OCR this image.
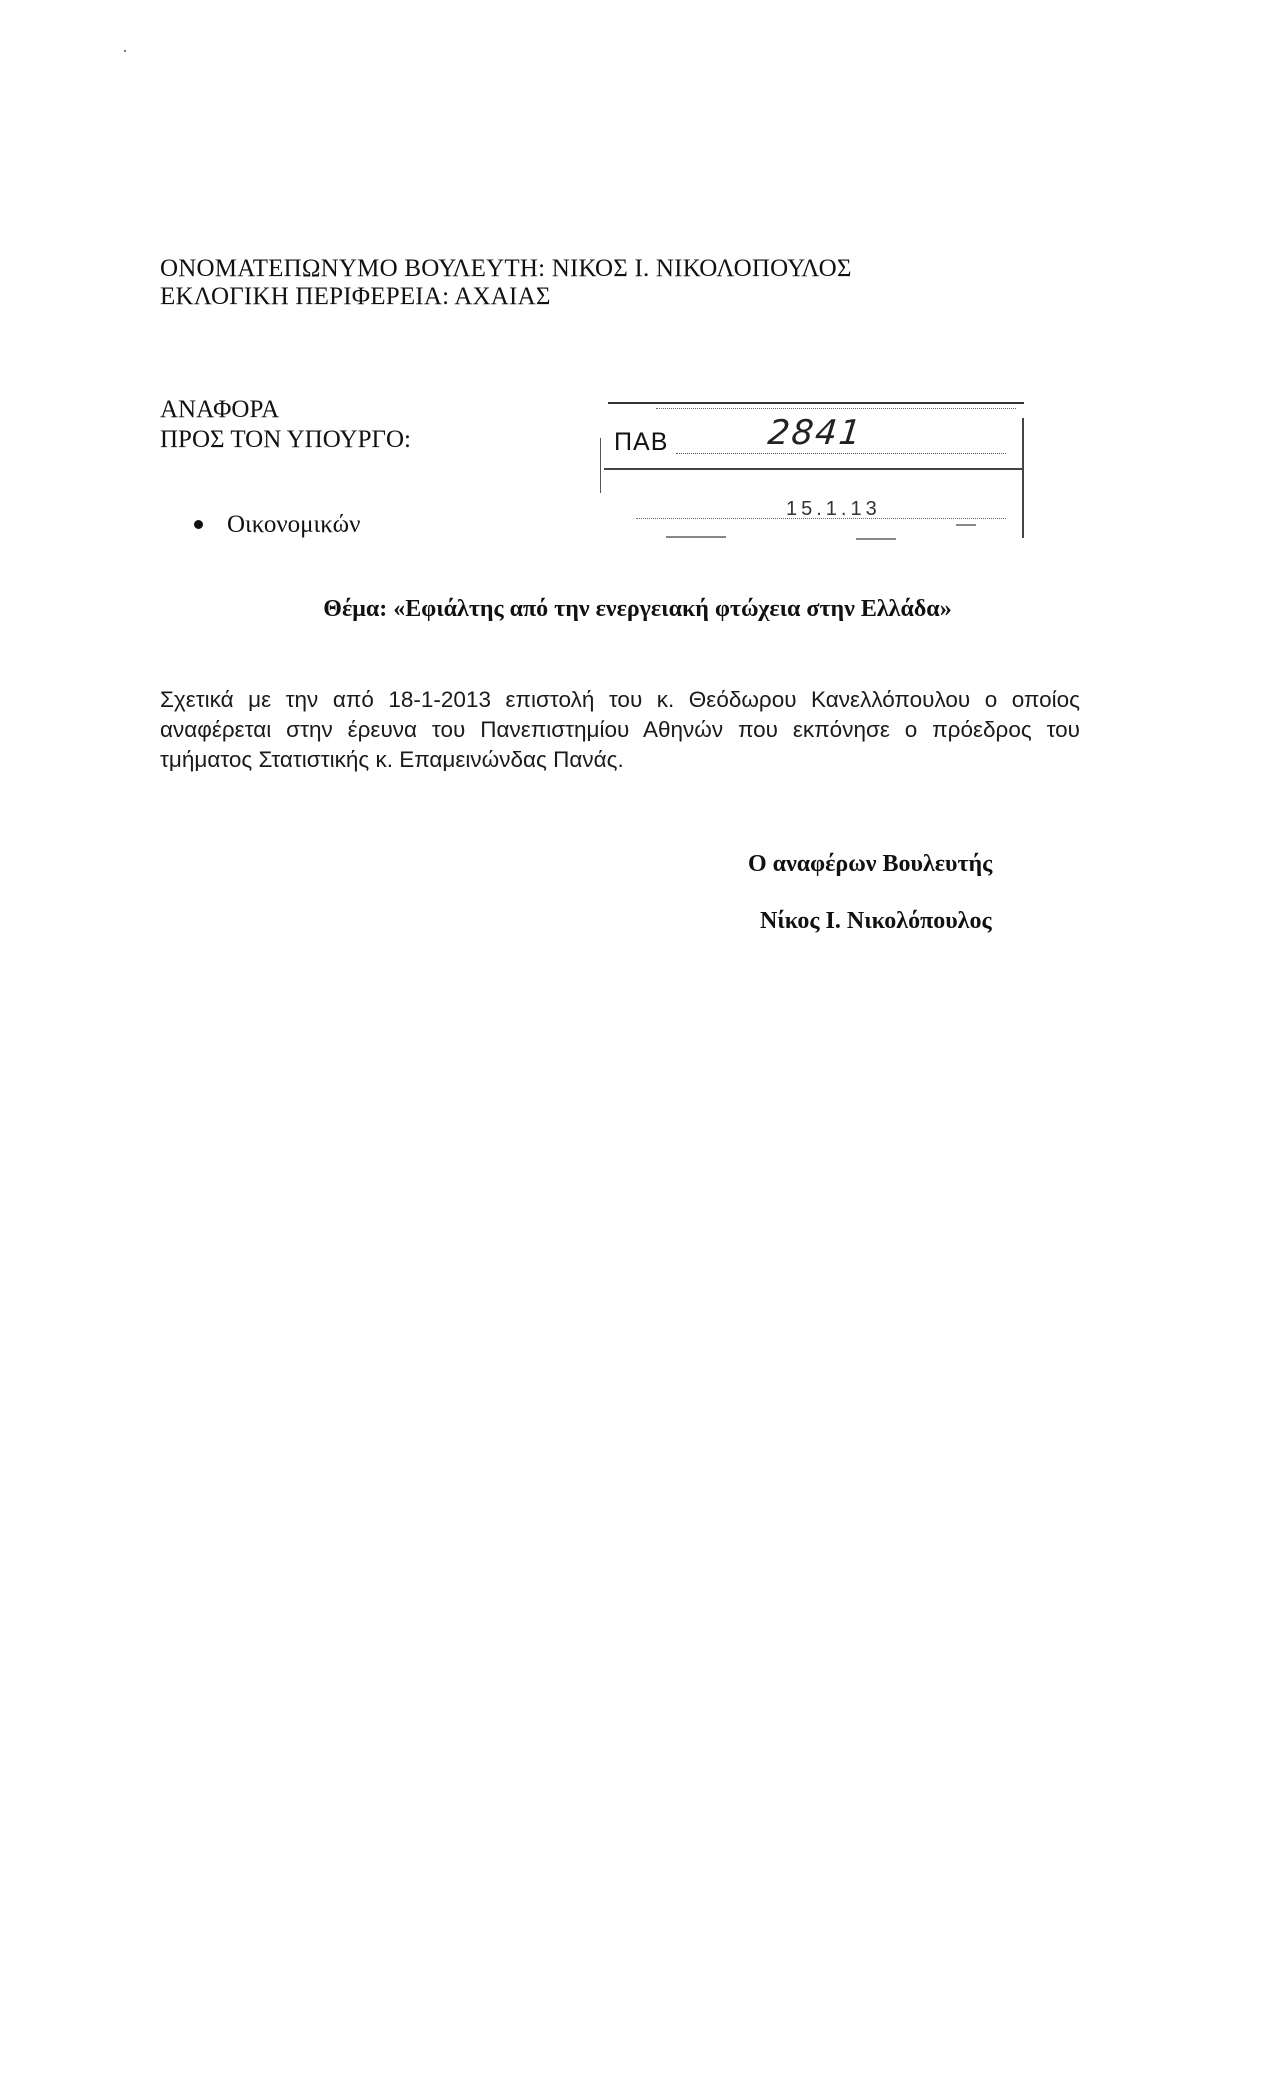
ΟΝΟΜΑΤΕΠΩΝΥΜΟ ΒΟΥΛΕΥΤΗ: ΝΙΚΟΣ Ι. ΝΙΚΟΛΟΠΟΥΛΟΣ
ΕΚΛΟΓΙΚΗ ΠΕΡΙΦΕΡΕΙΑ: ΑΧΑΙΑΣ
ΑΝΑΦΟΡΑ
ΠΡΟΣ ΤΟΝ ΥΠΟΥΡΓΟ:
Οικονομικών
ΠΑΒ	2841
15.1.13
Θέμα: «Εφιάλτης από την ενεργειακή φτώχεια στην Ελλάδα»
Σχετικά με την από 18-1-2013 επιστολή του κ. Θεόδωρου Κανελλόπουλου ο οποίος
αναφέρεται στην έρευνα του Πανεπιστημίου Αθηνών που εκπόνησε ο πρόεδρος του
τμήματος Στατιστικής κ. Επαμεινώνδας Πανάς.
Ο αναφέρων Βουλευτής
Νίκος Ι. Νικολόπουλος
